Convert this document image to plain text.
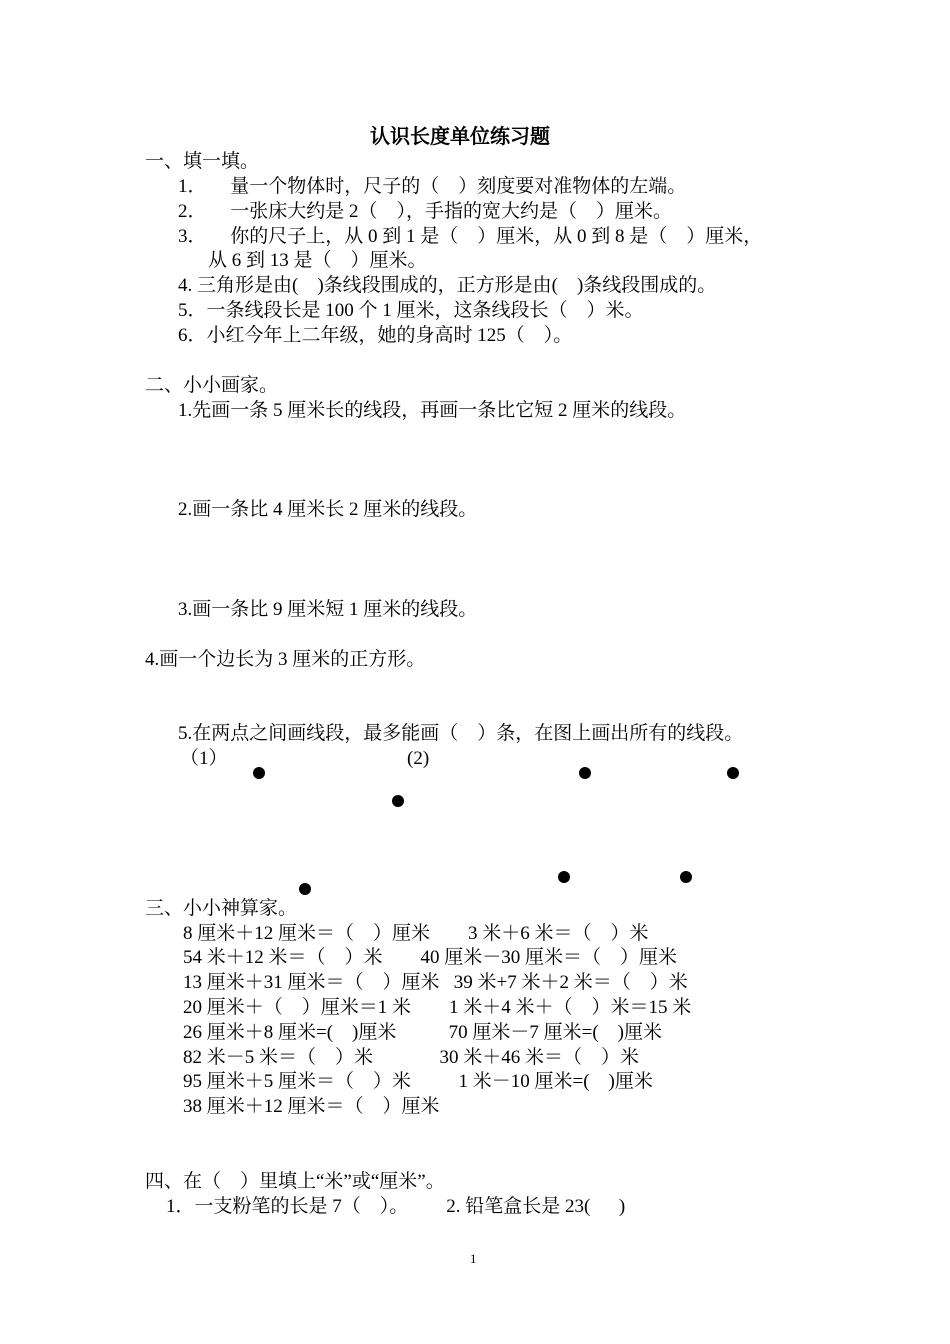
认识长度单位练习题
一、填一填。
1．     量一个物体时，尺子的（    ）刻度要对准物体的左端。
2．     一张床大约是 2（    ），手指的宽大约是（    ）厘米。
3．     你的尺子上，从 0 到 1 是（    ）厘米，从 0 到 8 是（    ）厘米，
从 6 到 13 是（    ）厘米。
4. 三角形是由(    )条线段围成的，正方形是由(    )条线段围成的。
5．一条线段长是 100 个 1 厘米，这条线段长（    ）米。
6．小红今年上二年级，她的身高时 125（    ）。
二、小小画家。
1.先画一条 5 厘米长的线段，再画一条比它短 2 厘米的线段。
2.画一条比 4 厘米长 2 厘米的线段。
3.画一条比 9 厘米短 1 厘米的线段。
4.画一个边长为 3 厘米的正方形。
5.在两点之间画线段，最多能画（    ）条，在图上画出所有的线段。
（1）	(2)
三、小小神算家。
8 厘米＋12 厘米＝（    ）厘米        3 米＋6 米＝（    ）米
54 米＋12 米＝（    ）米        40 厘米－30 厘米＝（    ）厘米
13 厘米＋31 厘米＝（    ）厘米   39 米+7 米＋2 米＝（    ）米
20 厘米＋（    ）厘米＝1 米        1 米＋4 米＋（    ）米＝15 米
26 厘米＋8 厘米=(    )厘米           70 厘米－7 厘米=(    )厘米
82 米－5 米＝（    ）米              30 米＋46 米＝（    ）米
95 厘米＋5 厘米＝（    ）米          1 米－10 厘米=(    )厘米
38 厘米＋12 厘米＝（    ）厘米
四、在（    ）里填上“米”或“厘米”。
1．一支粉笔的长是 7（    ）。        2. 铅笔盒长是 23(      )
1
